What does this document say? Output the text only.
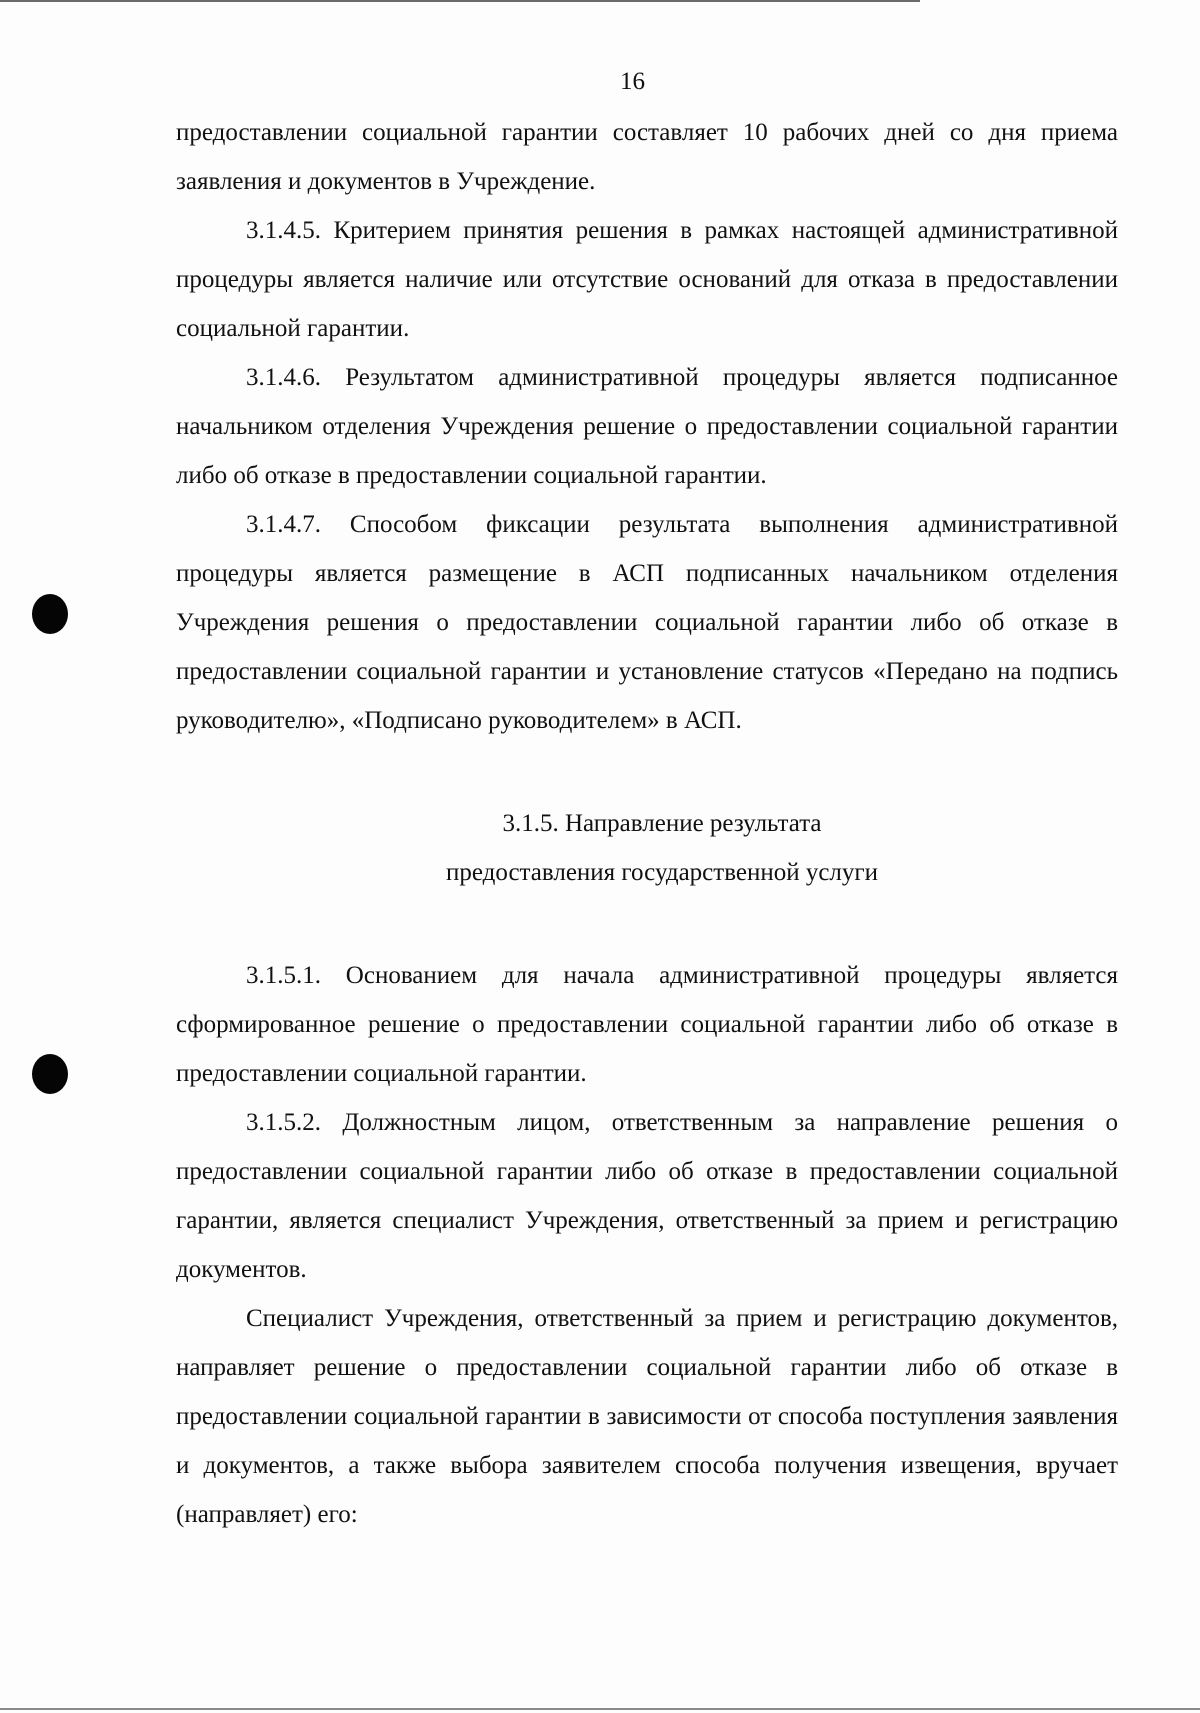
16

предоставлении социальной гарантии составляет 10 рабочих дней со дня приема заявления и документов в Учреждение.

3.1.4.5. Критерием принятия решения в рамках настоящей административной процедуры является наличие или отсутствие оснований для отказа в предоставлении социальной гарантии.

3.1.4.6. Результатом административной процедуры является подписанное начальником отделения Учреждения решение о предоставлении социальной гарантии либо об отказе в предоставлении социальной гарантии.

3.1.4.7. Способом фиксации результата выполнения административной процедуры является размещение в АСП подписанных начальником отделения Учреждения решения о предоставлении социальной гарантии либо об отказе в предоставлении социальной гарантии и установление статусов «Передано на подпись руководителю», «Подписано руководителем» в АСП.

3.1.5. Направление результата
предоставления государственной услуги

3.1.5.1. Основанием для начала административной процедуры является сформированное решение о предоставлении социальной гарантии либо об отказе в предоставлении социальной гарантии.

3.1.5.2. Должностным лицом, ответственным за направление решения о предоставлении социальной гарантии либо об отказе в предоставлении социальной гарантии, является специалист Учреждения, ответственный за прием и регистрацию документов.

Специалист Учреждения, ответственный за прием и регистрацию документов, направляет решение о предоставлении социальной гарантии либо об отказе в предоставлении социальной гарантии в зависимости от способа поступления заявления и документов, а также выбора заявителем способа получения извещения, вручает (направляет) его:
